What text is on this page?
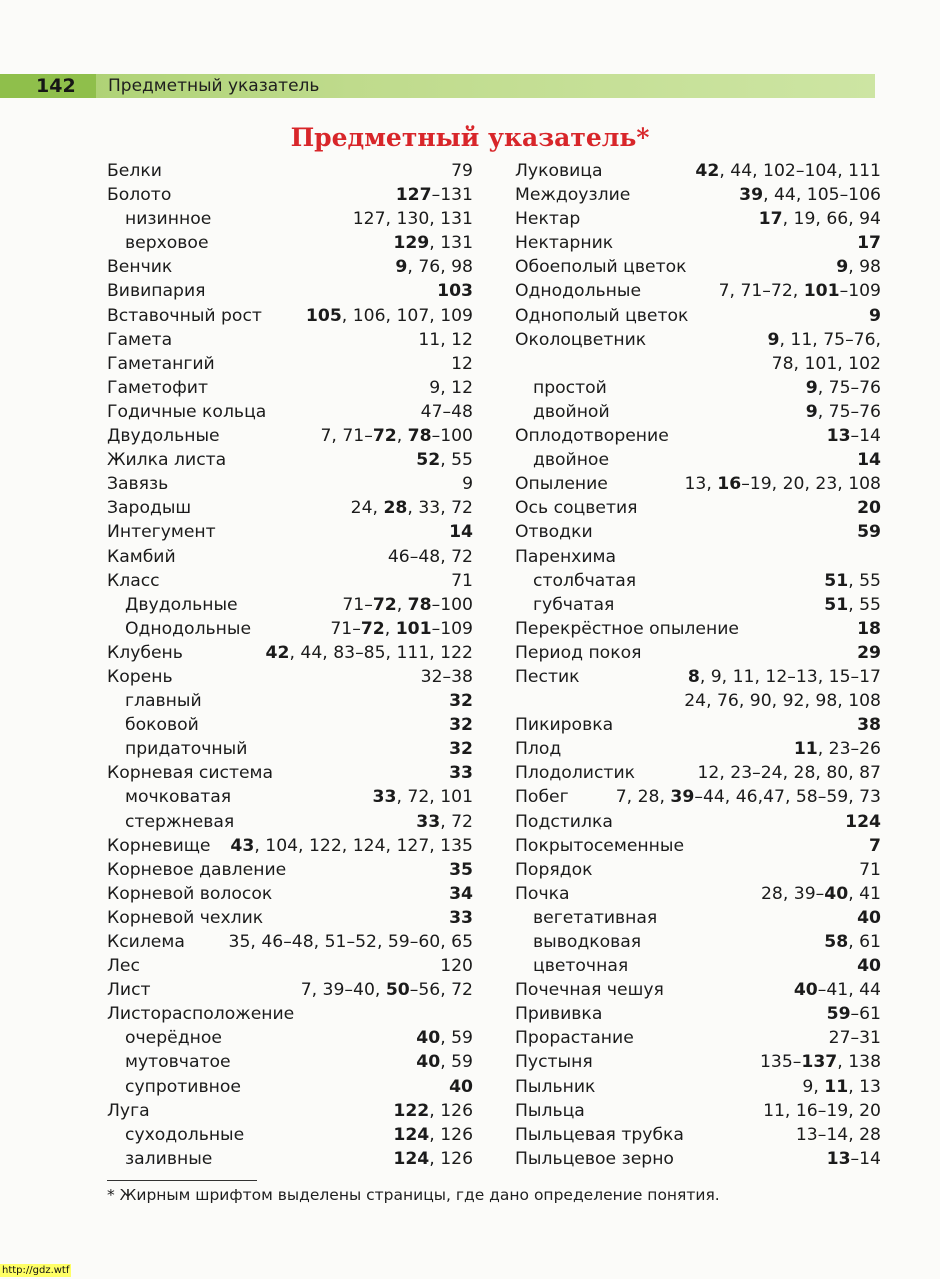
142 Предметный указатель
Предметный указатель*
Белки	79
Болото	127–131
низинное	127, 130, 131
верховое	129, 131
Венчик	9, 76, 98
Вивипария	103
Вставочный рост	105, 106, 107, 109
Гамета	11, 12
Гаметангий	12
Гаметофит	9, 12
Годичные кольца	47–48
Двудольные	7, 71–72, 78–100
Жилка листа	52, 55
Завязь	9
Зародыш	24, 28, 33, 72
Интегумент	14
Камбий	46–48, 72
Класс	71
Двудольные	71–72, 78–100
Однодольные	71–72, 101–109
Клубень	42, 44, 83–85, 111, 122
Корень	32–38
главный	32
боковой	32
придаточный	32
Корневая система	33
мочковатая	33, 72, 101
стержневая	33, 72
Корневище 43, 104, 122, 124, 127, 135
Корневое давление	35
Корневой волосок	34
Корневой чехлик	33
Ксилема	35, 46–48, 51–52, 59–60, 65
Лес	120
Лист	7, 39–40, 50–56, 72
Листорасположение
очерёдное	40, 59
мутовчатое	40, 59
супротивное	40
Луга	122, 126
суходольные	124, 126
заливные	124, 126
Луковица	42, 44, 102–104, 111
Междоузлие	39, 44, 105–106
Нектар	17, 19, 66, 94
Нектарник	17
Обоеполый цветок	9, 98
Однодольные	7, 71–72, 101–109
Однополый цветок	9
Околоцветник	9, 11, 75–76,
78, 101, 102
простой	9, 75–76
двойной	9, 75–76
Оплодотворение	13–14
двойное	14
Опыление	13, 16–19, 20, 23, 108
Ось соцветия	20
Отводки	59
Паренхима
столбчатая	51, 55
губчатая	51, 55
Перекрёстное опыление	18
Период покоя	29
Пестик	8, 9, 11, 12–13, 15–17
24, 76, 90, 92, 98, 108
Пикировка	38
Плод	11, 23–26
Плодолистик	12, 23–24, 28, 80, 87
Побег	7, 28, 39–44, 46,47, 58–59, 73
Подстилка	124
Покрытосеменные	7
Порядок	71
Почка	28, 39–40, 41
вегетативная	40
выводковая	58, 61
цветочная	40
Почечная чешуя	40–41, 44
Прививка	59–61
Прорастание	27–31
Пустыня	135–137, 138
Пыльник	9, 11, 13
Пыльца	11, 16–19, 20
Пыльцевая трубка	13–14, 28
Пыльцевое зерно	13–14
* Жирным шрифтом выделены страницы, где дано определение понятия.
http://gdz.wtf
